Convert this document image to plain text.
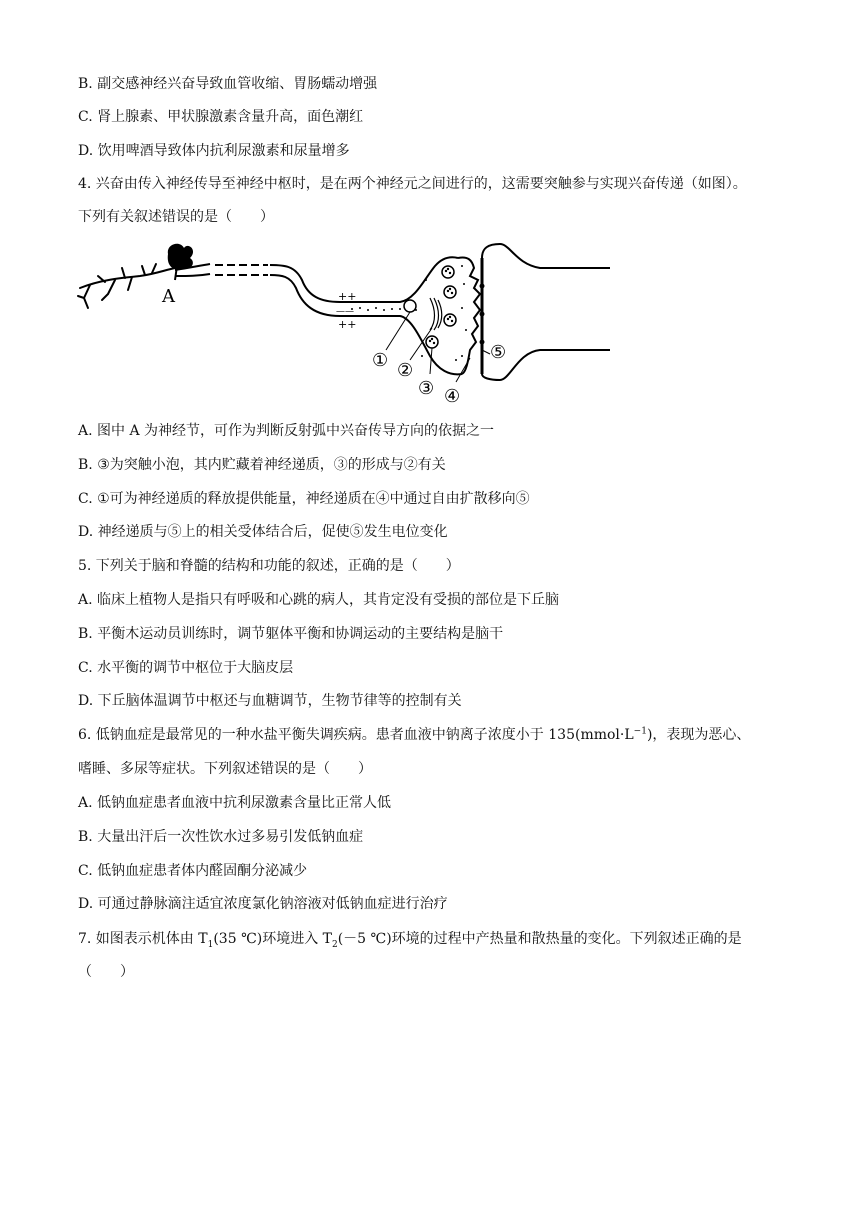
B. 副交感神经兴奋导致血管收缩、胃肠蠕动增强
C. 肾上腺素、甲状腺激素含量升高，面色潮红
D. 饮用啤酒导致体内抗利尿激素和尿量增多
4. 兴奋由传入神经传导至神经中枢时，是在两个神经元之间进行的，这需要突触参与实现兴奋传递（如图）。
下列有关叙述错误的是（　　）
A	++
——
++
① ②
③ ④
⑤
A. 图中 A 为神经节，可作为判断反射弧中兴奋传导方向的依据之一
B. ③为突触小泡，其内贮藏着神经递质，③的形成与②有关
C. ①可为神经递质的释放提供能量，神经递质在④中通过自由扩散移向⑤
D. 神经递质与⑤上的相关受体结合后，促使⑤发生电位变化
5. 下列关于脑和脊髓的结构和功能的叙述，正确的是（　　）
A. 临床上植物人是指只有呼吸和心跳的病人，其肯定没有受损的部位是下丘脑
B. 平衡木运动员训练时，调节躯体平衡和协调运动的主要结构是脑干
C. 水平衡的调节中枢位于大脑皮层
D. 下丘脑体温调节中枢还与血糖调节，生物节律等的控制有关
6. 低钠血症是最常见的一种水盐平衡失调疾病。患者血液中钠离子浓度小于 $135(mmol\cdot L^{-1})$，表现为恶心、
嗜睡、多尿等症状。下列叙述错误的是（　　）
A. 低钠血症患者血液中抗利尿激素含量比正常人低
B. 大量出汗后一次性饮水过多易引发低钠血症
C. 低钠血症患者体内醛固酮分泌减少
D. 可通过静脉滴注适宜浓度氯化钠溶液对低钠血症进行治疗
7. 如图表示机体由 $T_1(35$ ℃)环境进入 $T_2(-5$ ℃)环境的过程中产热量和散热量的变化。下列叙述正确的是
（　　）
